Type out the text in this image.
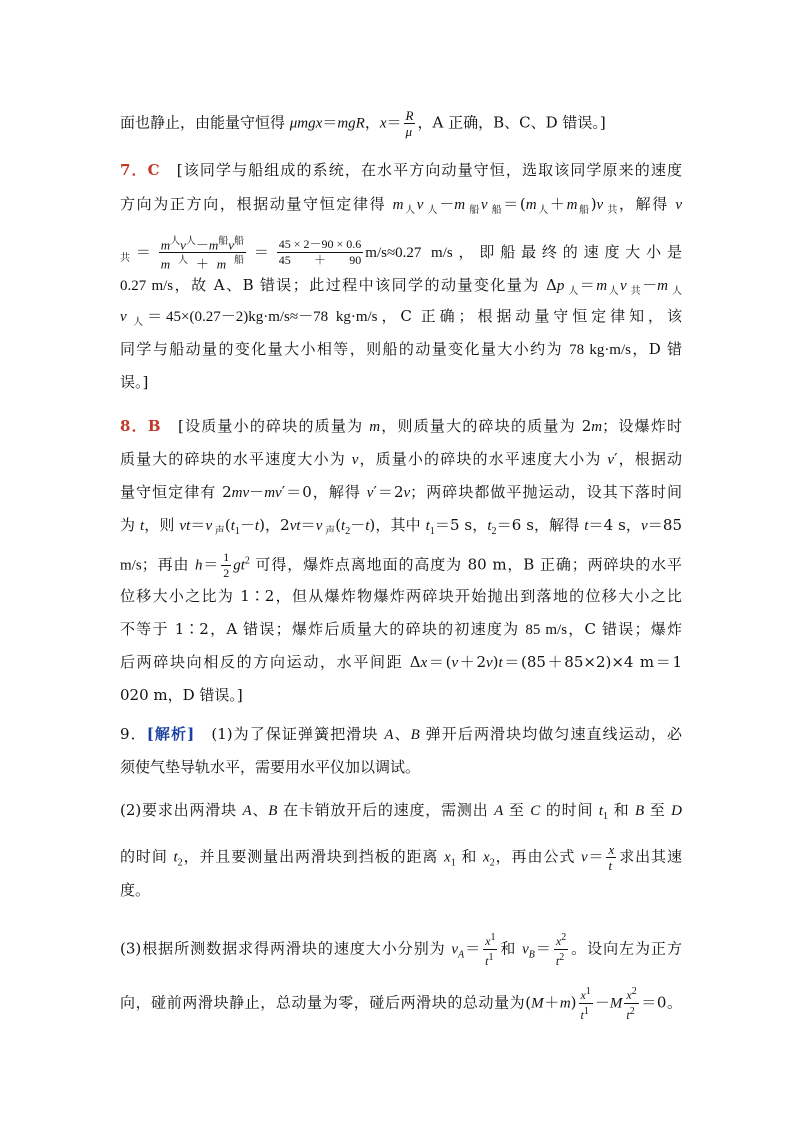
面也静止，由能量守恒得 μmgx＝mgR，$x= \frac{R}{\mu}$ ，A 正确，B、C、D 错误。]
7．C　[该同学与船组成的系统，在水平方向动量守恒，选取该同学原来的速度
方向为正方向，根据动量守恒定律得 $m_人v$ $_人$－m $_船$v $_船=(m_人+m_船)v$ $_共$，解得 v
$_共= \frac{m^人v^人-m^船v^船}{m^人+m^船} = \frac{45 \times 2-90 \times 0.6}{45+90} m/s\approx 0.27$ m/s，即船最终的速度大小是
0.27 m/s，故 A、B 错误；此过程中该同学的动量变化量为 Δp $_人=m_人v$ $_共$－m $_人$
v $_人$＝45×(0.27－2)kg·m/s≈－78 kg·m/s，C 正确；根据动量守恒定律知，该
同学与船动量的变化量大小相等，则船的动量变化量大小约为 78 kg·m/s，D 错
误。]
8．B　[设质量小的碎块的质量为 m，则质量大的碎块的质量为 2m；设爆炸时
质量大的碎块的水平速度大小为 v，质量小的碎块的水平速度大小为 v′，根据动
量守恒定律有 2mv－mv′＝0，解得 v′＝2v；两碎块都做平抛运动，设其下落时间
为 t，则 vt＝v $_声(t_1-t)$，2vt＝v $_声(t_2-t)$，其中 $t_1=5$ s，$t_2=6$ s，解得 t＝4 s，v＝85
m/s；再由 $h= \frac{1}{2} gt^2$ 可得，爆炸点离地面的高度为 80 m，B 正确；两碎块的水平
位移大小之比为 1∶2，但从爆炸物爆炸两碎块开始抛出到落地的位移大小之比
不等于 1∶2，A 错误；爆炸后质量大的碎块的初速度为 85 m/s，C 错误；爆炸
后两碎块向相反的方向运动，水平间距 Δx＝(v＋2v)t＝(85＋85×2)×4 m＝1
020 m，D 错误。]
9．[解析]　(1)为了保证弹簧把滑块 A、B 弹开后两滑块均做匀速直线运动，必
须使气垫导轨水平，需要用水平仪加以调试。
(2)要求出两滑块 A、B 在卡销放开后的速度，需测出 A 至 C 的时间 $t_1$ 和 B 至 D
的时间 $t_2$，并且要测量出两滑块到挡板的距离 $x_1$ 和 $x_2$，再由公式 $v= \frac{x}{t}$ 求出其速
度。
(3)根据所测数据求得两滑块的速度大小分别为 $v_A= \frac{x^1}{t^1}$ 和 $v_B= \frac{x^2}{t^2}$ 。设向左为正方
向，碰前两滑块静止，总动量为零，碰后两滑块的总动量为$(M+m) \frac{x^1}{t^1} -M \frac{x^2}{t^2} =0$。
